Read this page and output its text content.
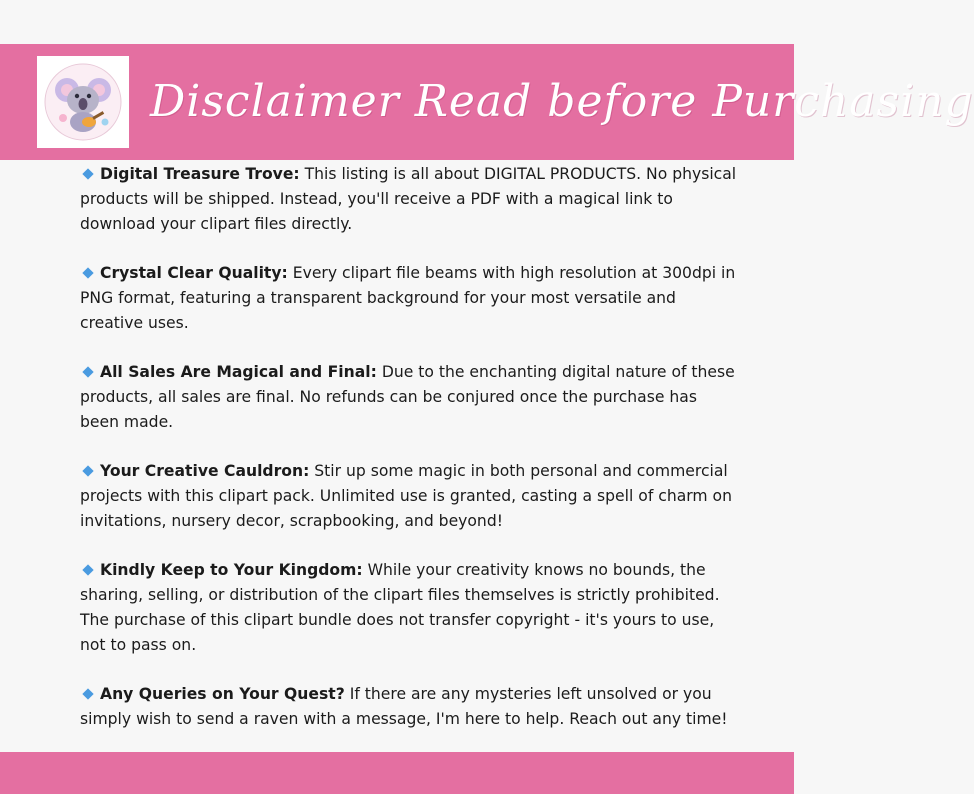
Disclaimer Read before Purchasing
Digital Treasure Trove: This listing is all about DIGITAL PRODUCTS. No physical products will be shipped. Instead, you'll receive a PDF with a magical link to download your clipart files directly.
Crystal Clear Quality: Every clipart file beams with high resolution at 300dpi in PNG format, featuring a transparent background for your most versatile and creative uses.
All Sales Are Magical and Final: Due to the enchanting digital nature of these products, all sales are final. No refunds can be conjured once the purchase has been made.
Your Creative Cauldron: Stir up some magic in both personal and commercial projects with this clipart pack. Unlimited use is granted, casting a spell of charm on invitations, nursery decor, scrapbooking, and beyond!
Kindly Keep to Your Kingdom: While your creativity knows no bounds, the sharing, selling, or distribution of the clipart files themselves is strictly prohibited. The purchase of this clipart bundle does not transfer copyright - it's yours to use, not to pass on.
Any Queries on Your Quest? If there are any mysteries left unsolved or you simply wish to send a raven with a message, I'm here to help. Reach out any time!
